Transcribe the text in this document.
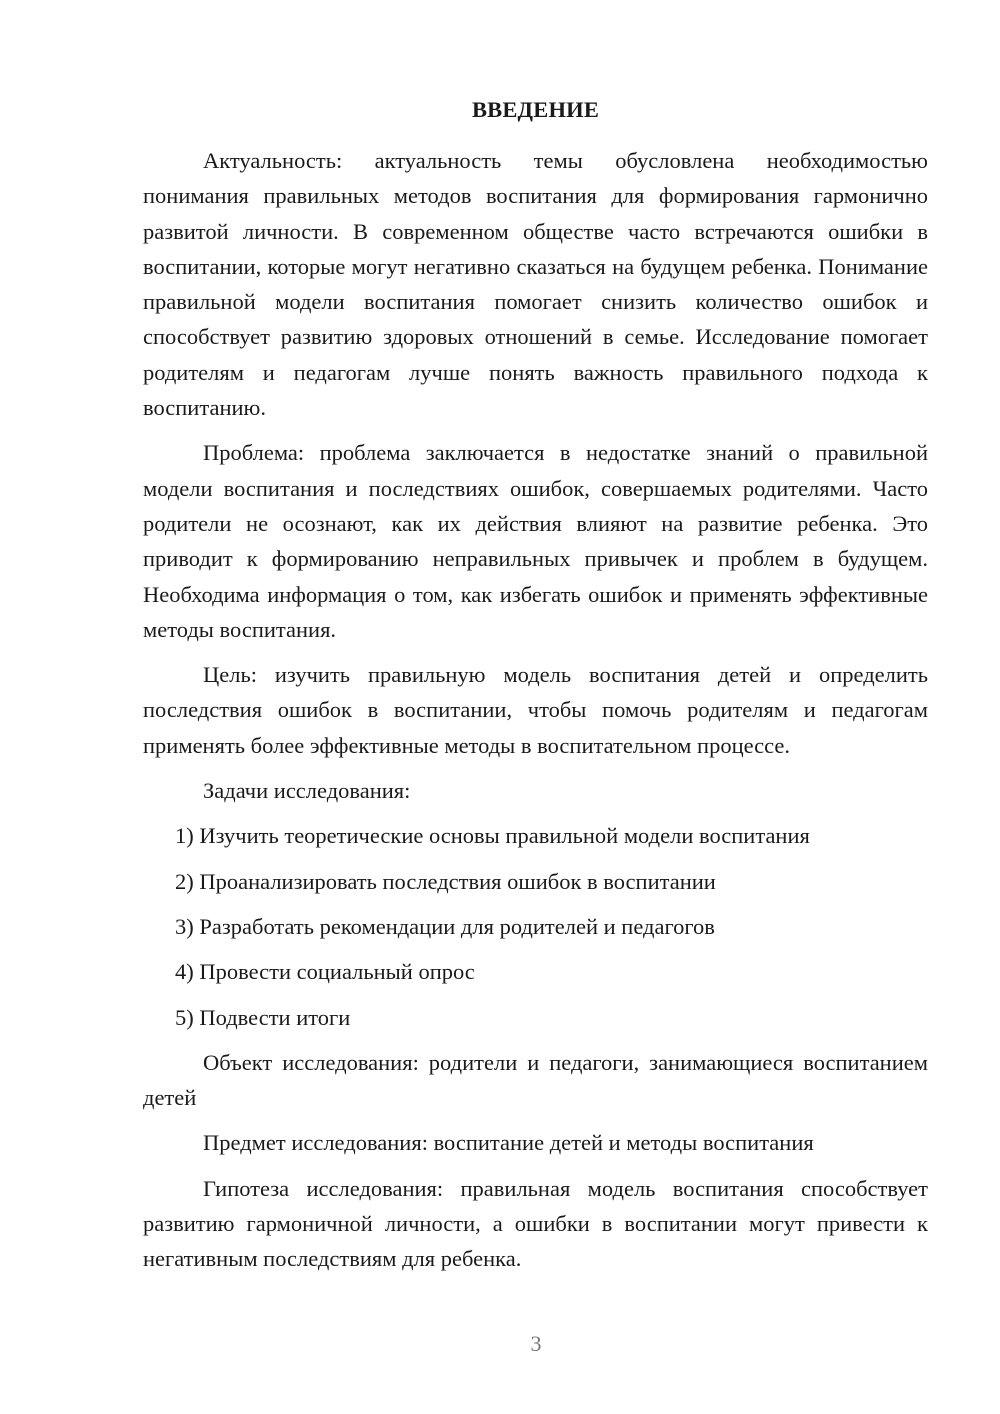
ВВЕДЕНИЕ

Актуальность: актуальность темы обусловлена необходимостью понимания правильных методов воспитания для формирования гармонично развитой личности. В современном обществе часто встречаются ошибки в воспитании, которые могут негативно сказаться на будущем ребенка. Понимание правильной модели воспитания помогает снизить количество ошибок и способствует развитию здоровых отношений в семье. Исследование помогает родителям и педагогам лучше понять важность правильного подхода к воспитанию.

Проблема: проблема заключается в недостатке знаний о правильной модели воспитания и последствиях ошибок, совершаемых родителями. Часто родители не осознают, как их действия влияют на развитие ребенка. Это приводит к формированию неправильных привычек и проблем в будущем. Необходима информация о том, как избегать ошибок и применять эффективные методы воспитания.

Цель: изучить правильную модель воспитания детей и определить последствия ошибок в воспитании, чтобы помочь родителям и педагогам применять более эффективные методы в воспитательном процессе.

Задачи исследования:

1) Изучить теоретические основы правильной модели воспитания
2) Проанализировать последствия ошибок в воспитании
3) Разработать рекомендации для родителей и педагогов
4) Провести социальный опрос
5) Подвести итоги

Объект исследования: родители и педагоги, занимающиеся воспитанием детей

Предмет исследования: воспитание детей и методы воспитания

Гипотеза исследования: правильная модель воспитания способствует развитию гармоничной личности, а ошибки в воспитании могут привести к негативным последствиям для ребенка.

3
